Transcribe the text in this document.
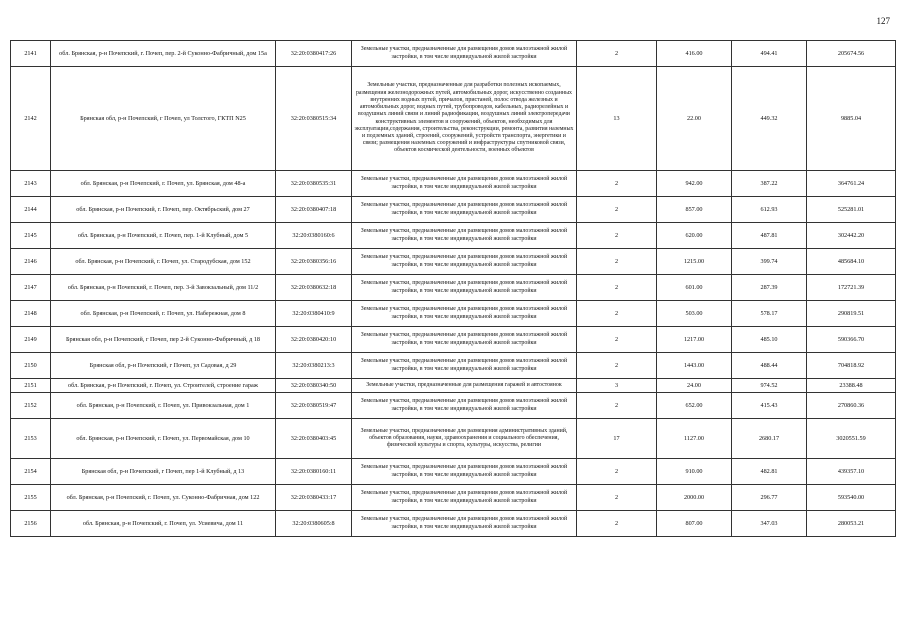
127
2141	обл. Брянская, р-н Почепский, г. Почеп, пер. 2-й Суконно-Фабричный, дом 15а	32:20:0380417:26	Земельные участки, предназначенные для размещения домов малоэтажной жилой застройки, в том числе индивидуальной жилой застройки	2	416.00	494.41	205674.56
2142	Брянская обл, р-н Почепский, г Почеп, ул Толстого, ГКТП N25	32:20:0380515:34	Земельные участки, предназначенные для разработки полезных ископаемых, размещения железнодорожных путей, автомобильных дорог, искусственно созданных внутренних водных путей, причалов, пристаней, полос отвода железных и автомобильных дорог, водных путей, трубопроводов, кабельных, радиорелейных и воздушных линий связи и линий радиофикации, воздушных линий электропередачи конструктивных элементов и сооружений, объектов, необходимых для эксплуатации,содержания, строительства, реконструкции, ремонта, развития наземных и подземных зданий, строений, сооружений, устройств транспорта, энергетики и связи; размещения наземных сооружений и инфраструктуры спутниковой связи, объектов космической деятельности, военных объектов	13	22.00	449.32	9885.04
2143	обл. Брянская, р-н Почепский, г. Почеп, ул. Брянская, дом 48-а	32:20:0380535:31	Земельные участки, предназначенные для размещения домов малоэтажной жилой застройки, в том числе индивидуальной жилой застройки	2	942.00	387.22	364761.24
2144	обл. Брянская, р-н Почепский, г. Почеп, пер. Октябрьский, дом 27	32:20:0380407:18	Земельные участки, предназначенные для размещения домов малоэтажной жилой застройки, в том числе индивидуальной жилой застройки	2	857.00	612.93	525281.01
2145	обл. Брянская, р-н Почепский, г. Почеп, пер. 1-й Клубный, дом 5	32:20:0380160:6	Земельные участки, предназначенные для размещения домов малоэтажной жилой застройки, в том числе индивидуальной жилой застройки	2	620.00	487.81	302442.20
2146	обл. Брянская, р-н Почепский, г. Почеп, ул. Стародубская, дом 152	32:20:0380356:16	Земельные участки, предназначенные для размещения домов малоэтажной жилой застройки, в том числе индивидуальной жилой застройки	2	1215.00	399.74	485684.10
2147	обл. Брянская, р-н Почепский, г. Почеп, пер. 3-й Завокзальный, дом 11/2	32:20:0380632:18	Земельные участки, предназначенные для размещения домов малоэтажной жилой застройки, в том числе индивидуальной жилой застройки	2	601.00	287.39	172721.39
2148	обл. Брянская, р-н Почепский, г. Почеп, ул. Набережная, дом 8	32:20:0380410:9	Земельные участки, предназначенные для размещения домов малоэтажной жилой застройки, в том числе индивидуальной жилой застройки	2	503.00	578.17	290819.51
2149	Брянская обл, р-н Почепский, г Почеп, пер 2-й Суконно-Фабричный, д 18	32:20:0380420:10	Земельные участки, предназначенные для размещения домов малоэтажной жилой застройки, в том числе индивидуальной жилой застройки	2	1217.00	485.10	590366.70
2150	Брянская обл, р-н Почепский, г Почеп, ул Садовая, д 29	32:20:0380213:3	Земельные участки, предназначенные для размещения домов малоэтажной жилой застройки, в том числе индивидуальной жилой застройки	2	1443.00	488.44	704818.92
2151	обл. Брянская, р-н Почепский, г. Почеп, ул. Строителей, строение гараж	32:20:0380340:50	Земельные участки, предназначенные для размещения гаражей и автостоянок	3	24.00	974.52	23388.48
2152	обл. Брянская, р-н Почепский, г. Почеп, ул. Привокзальная, дом 1	32:20:0380519:47	Земельные участки, предназначенные для размещения домов малоэтажной жилой застройки, в том числе индивидуальной жилой застройки	2	652.00	415.43	270860.36
2153	обл. Брянская, р-н Почепский, г. Почеп, ул. Первомайская, дом 10	32:20:0380403:45	Земельные участки, предназначенные для размещения административных зданий, объектов образования, науки, здравоохранения и социального обеспечения, физической культуры и спорта, культуры, искусства, религии	17	1127.00	2680.17	3020551.59
2154	Брянская обл, р-н Почепский, г Почеп, пер 1-й Клубный, д 13	32:20:0380160:11	Земельные участки, предназначенные для размещения домов малоэтажной жилой застройки, в том числе индивидуальной жилой застройки	2	910.00	482.81	439357.10
2155	обл. Брянская, р-н Почепский, г. Почеп, ул. Суконно-Фабричная, дом 122	32:20:0380433:17	Земельные участки, предназначенные для размещения домов малоэтажной жилой застройки, в том числе индивидуальной жилой застройки	2	2000.00	296.77	593540.00
2156	обл. Брянская, р-н Почепский, г. Почеп, ул. Усиевича, дом 11	32:20:0380605:8	Земельные участки, предназначенные для размещения домов малоэтажной жилой застройки, в том числе индивидуальной жилой застройки	2	807.00	347.03	280053.21
